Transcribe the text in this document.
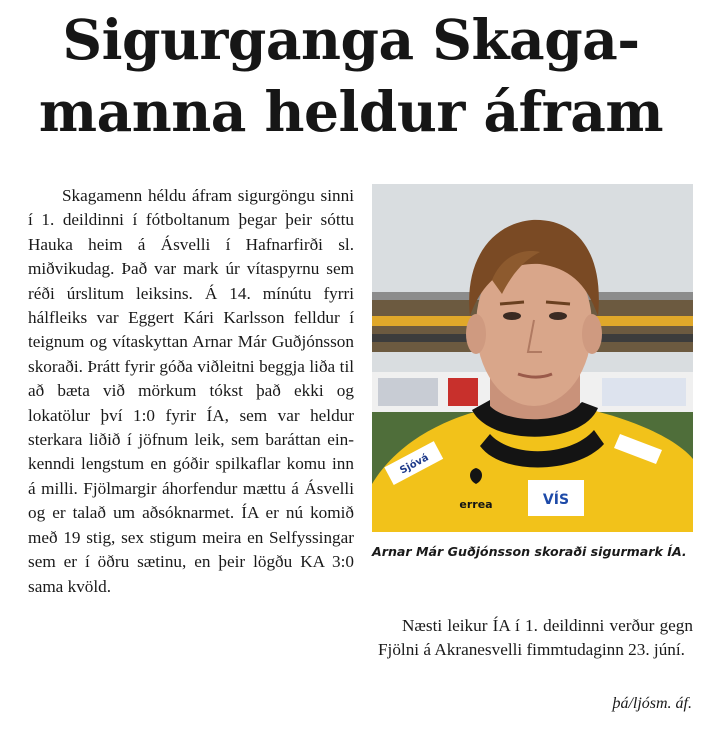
Sigurganga Skaga-
manna heldur áfram

Skagamenn héldu áfram sigurgöngu sinni í 1. deildinni í fótboltanum þegar þeir sóttu Hauka heim á Ásvelli í Hafnarfirði sl. miðvikudag. Það var mark úr vítaspyrnu sem réði úrslitum leiksins. Á 14. mínútu fyrri hálfleiks var Eggert Kári Karlsson felldur í teignum og vítaskyttan Arnar Már Guðjónsson skoraði. Þrátt fyrir góða viðleitni beggja liða til að bæta við mörkum tókst það ekki og lokatölur því 1:0 fyrir ÍA, sem var heldur sterkara liðið í jöfnum leik, sem baráttan einkenndi lengstum en góðir spilkaflar komu inn á milli. Fjölmargir áhorfendur mættu á Ásvelli og er talað um aðsóknarmet. ÍA er nú komið með 19 stig, sex stigum meira en Selfyssingar sem er í öðru sætinu, en þeir lögðu KA 3:0 sama kvöld.

Sjóvá
errea	VÍS

Arnar Már Guðjónsson skoraði sigurmark ÍA.

Næsti leikur ÍA í 1. deildinni verður gegn Fjölni á Akranesvelli fimmtudaginn 23. júní.

þá/ljósm. áf.
